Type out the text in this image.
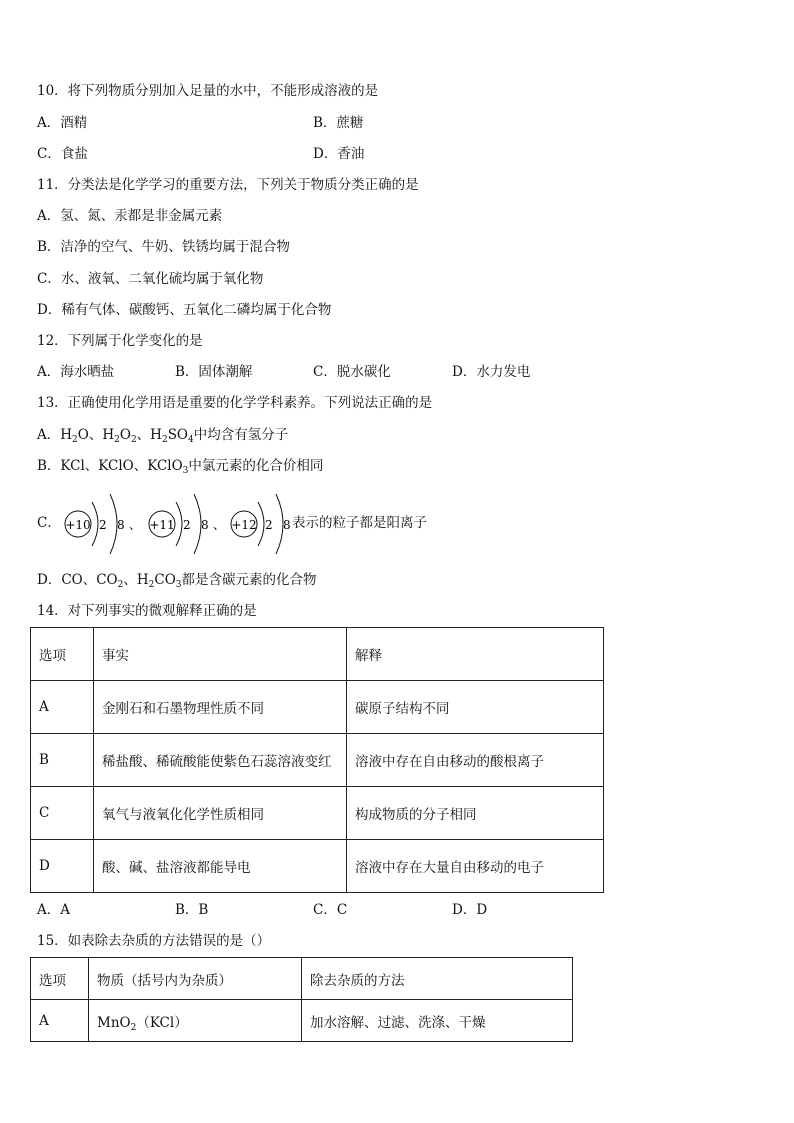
10．将下列物质分别加入足量的水中，不能形成溶液的是
A．酒精	B．蔗糖
C．食盐	D．香油
11．分类法是化学学习的重要方法，下列关于物质分类正确的是
A．氢、氮、汞都是非金属元素
B．洁净的空气、牛奶、铁锈均属于混合物
C．水、液氧、二氧化硫均属于氧化物
D．稀有气体、碳酸钙、五氧化二磷均属于化合物
12．下列属于化学变化的是
A．海水晒盐	B．固体潮解	C．脱水碳化	D．水力发电
13．正确使用化学用语是重要的化学学科素养。下列说法正确的是
A．$H_2O$、$H_2O_2$、$H_2SO_4$中均含有氢分子
B．KCl、KClO、KClO$_3$中氯元素的化合价相同
C． +10 2 8 、 +11 2 8 、 +12 2 8 表示的粒子都是阳离子
D．CO、$CO_2$、$H_2CO_3$都是含碳元素的化合物
14．对下列事实的微观解释正确的是
选项	事实	解释
A	金刚石和石墨物理性质不同	碳原子结构不同
B	稀盐酸、稀硫酸能使紫色石蕊溶液变红	溶液中存在自由移动的酸根离子
C	氧气与液氧化化学性质相同	构成物质的分子相同
D	酸、碱、盐溶液都能导电	溶液中存在大量自由移动的电子
A．A	B．B	C．C	D．D
15．如表除去杂质的方法错误的是（）
选项	物质（括号内为杂质）	除去杂质的方法
A	MnO$_2$（KCl）	加水溶解、过滤、洗涤、干燥
